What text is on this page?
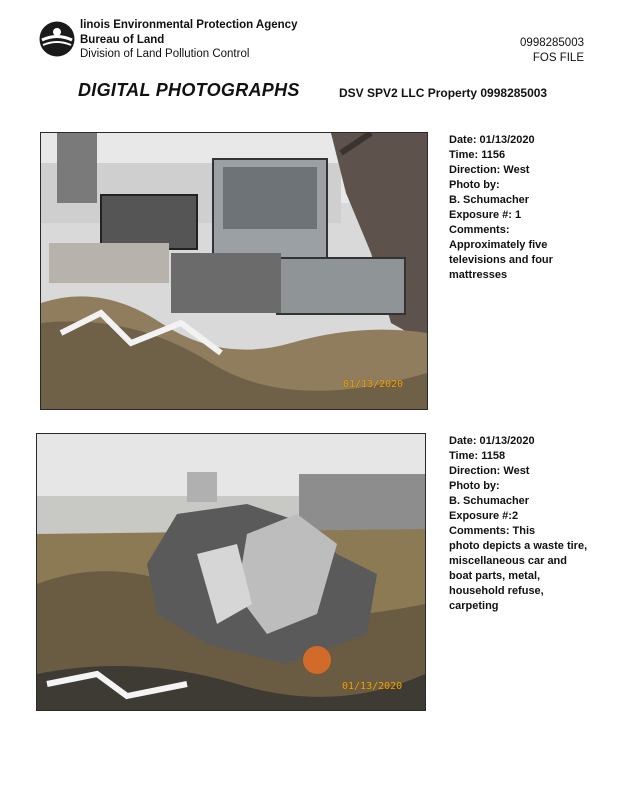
linois Environmental Protection Agency
Bureau of Land
Division of Land Pollution Control
0998285003
FOS FILE
DIGITAL PHOTOGRAPHS	DSV SPV2 LLC Property 0998285003
01/13/2020
Date: 01/13/2020
Time: 1156
Direction: West
Photo by:
B. Schumacher
Exposure #: 1
Comments:
Approximately five televisions and four mattresses
01/13/2020
Date: 01/13/2020
Time: 1158
Direction: West
Photo by:
B. Schumacher
Exposure #:2
Comments: This
photo depicts a waste tire, miscellaneous car and boat parts, metal, household refuse, carpeting
